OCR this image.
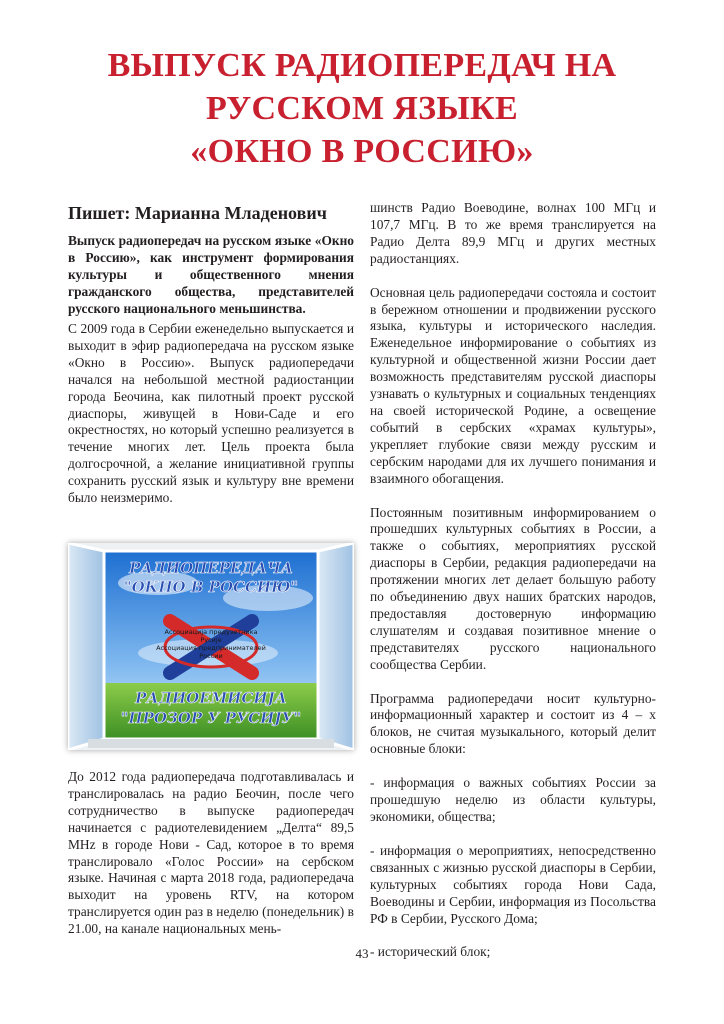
ВЫПУСК РАДИОПЕРЕДАЧ НА
РУССКОМ ЯЗЫКЕ
«ОКНО В РОССИЮ»
Пишет: Марианна Младенович
Выпуск радиопередач на русском языке «Окно в Россию», как инструмент формирования культуры и общественного мнения гражданского общества, представителей русского национального меньшинства.

С 2009 года в Сербии еженедельно выпускается и выходит в эфир радиопередача на русском языке «Окно в Россию». Выпуск радиопередачи начался на небольшой местной радиостанции города Беочина, как пилотный проект русской диаспоры, живущей в Нови-Саде и его окрестностях, но который успешно реализуется в течение многих лет. Цель проекта была долгосрочной, а желание инициативной группы сохранить русский язык и культуру вне времени было неизмеримо.

РАДИОПЕРЕДАЧА
"ОКНО В РОССИЮ"
Ассоциација предузетника
Русије
Ассоциация предпринимателей
России
РАДИОЕМИСИЈА
"ПРОЗОР У РУСИЈУ"

До 2012 года радиопередача подготавливалась и транслировалась на радио Беочин, после чего сотрудничество в выпуске радиопередач начинается с радиотелевидением „Делта“ 89,5 MHz в городе Нови - Сад, которое в то время транслировало «Голос России» на сербском языке. Начиная с марта 2018 года, радиопередача выходит на уровень RTV, на котором транслируется один раз в неделю (понедельник) в 21.00, на канале национальных мень-

шинств Радио Воеводине, волнах 100 МГц и 107,7 МГц. В то же время транслируется на Радио Делта 89,9 МГц и других местных радиостанциях.

Основная цель радиопередачи состояла и состоит в бережном отношении и продвижении русского языка, культуры и исторического наследия. Еженедельное информирование о событиях из культурной и общественной жизни России дает возможность представителям русской диаспоры узнавать о культурных и социальных тенденциях на своей исторической Родине, а освещение событий в сербских «храмах культуры», укрепляет глубокие связи между русским и сербским народами для их лучшего понимания и взаимного обогащения.

Постоянным позитивным информированием о прошедших культурных событиях в России, а также о событиях, мероприятиях русской диаспоры в Сербии, редакция радиопередачи на протяжении многих лет делает большую работу по объединению двух наших братских народов, предоставляя достоверную информацию слушателям и создавая позитивное мнение о представителях русского национального сообщества Сербии.

Программа радиопередачи носит культурно-информационный характер и состоит из 4 – х блоков, не считая музыкального, который делит основные блоки:

- информация о важных событиях России за прошедшую неделю из области культуры, экономики, общества;

- информация о мероприятиях, непосредственно связанных с жизнью русской диаспоры в Сербии, культурных событиях города Нови Сада, Воеводины и Сербии, информация из Посольства РФ в Сербии, Русского Дома;

- исторический блок;

43
